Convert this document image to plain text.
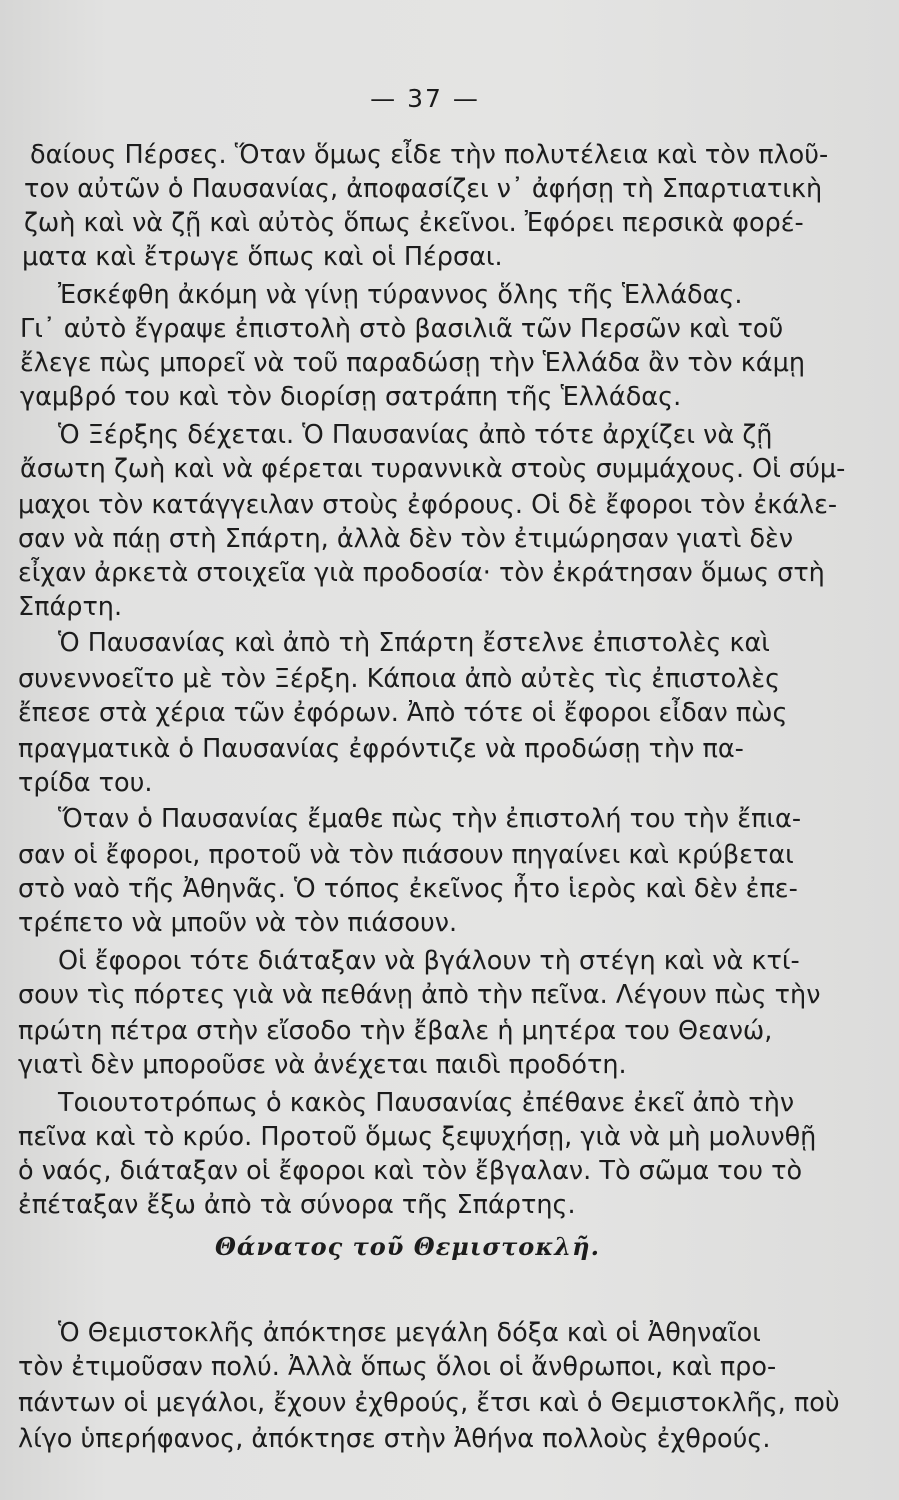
— 37 —
δαίους Πέρσες. Ὅταν ὅμως εἶδε τὴν πολυτέλεια καὶ τὸν πλοῦ-
τον αὐτῶν ὁ Παυσανίας, ἀποφασίζει ν᾿ ἀφήσῃ τὴ Σπαρτιατικὴ
ζωὴ καὶ νὰ ζῇ καὶ αὐτὸς ὅπως ἐκεῖνοι. Ἐφόρει περσικὰ φορέ-
ματα καὶ ἔτρωγε ὅπως καὶ οἱ Πέρσαι.
Ἐσκέφθη ἀκόμη νὰ γίνῃ τύραννος ὅλης τῆς Ἑλλάδας.
Γι᾿ αὐτὸ ἔγραψε ἐπιστολὴ στὸ βασιλιᾶ τῶν Περσῶν καὶ τοῦ
ἔλεγε πὼς μπορεῖ νὰ τοῦ παραδώσῃ τὴν Ἑλλάδα ἂν τὸν κάμῃ
γαμβρό του καὶ τὸν διορίσῃ σατράπη τῆς Ἑλλάδας.
Ὁ Ξέρξης δέχεται. Ὁ Παυσανίας ἀπὸ τότε ἀρχίζει νὰ ζῇ
ἄσωτη ζωὴ καὶ νὰ φέρεται τυραννικὰ στοὺς συμμάχους. Οἱ σύμ-
μαχοι τὸν κατάγγειλαν στοὺς ἐφόρους. Οἱ δὲ ἔφοροι τὸν ἐκάλε-
σαν νὰ πάῃ στὴ Σπάρτη, ἀλλὰ δὲν τὸν ἐτιμώρησαν γιατὶ δὲν
εἶχαν ἀρκετὰ στοιχεῖα γιὰ προδοσία· τὸν ἐκράτησαν ὅμως στὴ
Σπάρτη.
Ὁ Παυσανίας καὶ ἀπὸ τὴ Σπάρτη ἔστελνε ἐπιστολὲς καὶ
συνεννοεῖτο μὲ τὸν Ξέρξη. Κάποια ἀπὸ αὐτὲς τὶς ἐπιστολὲς
ἔπεσε στὰ χέρια τῶν ἐφόρων. Ἀπὸ τότε οἱ ἔφοροι εἶδαν πὼς
πραγματικὰ ὁ Παυσανίας ἐφρόντιζε νὰ προδώσῃ τὴν πα-
τρίδα του.
Ὅταν ὁ Παυσανίας ἔμαθε πὼς τὴν ἐπιστολή του τὴν ἔπια-
σαν οἱ ἔφοροι, προτοῦ νὰ τὸν πιάσουν πηγαίνει καὶ κρύβεται
στὸ ναὸ τῆς Ἀθηνᾶς. Ὁ τόπος ἐκεῖνος ἦτο ἱερὸς καὶ δὲν ἐπε-
τρέπετο νὰ μποῦν νὰ τὸν πιάσουν.
Οἱ ἔφοροι τότε διάταξαν νὰ βγάλουν τὴ στέγη καὶ νὰ κτί-
σουν τὶς πόρτες γιὰ νὰ πεθάνῃ ἀπὸ τὴν πεῖνα. Λέγουν πὼς τὴν
πρώτη πέτρα στὴν εἴσοδο τὴν ἔβαλε ἡ μητέρα του Θεανώ,
γιατὶ δὲν μποροῦσε νὰ ἀνέχεται παιδὶ προδότη.
Τοιουτοτρόπως ὁ κακὸς Παυσανίας ἐπέθανε ἐκεῖ ἀπὸ τὴν
πεῖνα καὶ τὸ κρύο. Προτοῦ ὅμως ξεψυχήσῃ, γιὰ νὰ μὴ μολυνθῇ
ὁ ναός, διάταξαν οἱ ἔφοροι καὶ τὸν ἔβγαλαν. Τὸ σῶμα του τὸ
ἐπέταξαν ἔξω ἀπὸ τὰ σύνορα τῆς Σπάρτης.
Θάνατος τοῦ Θεμιστοκλῆ.
Ὁ Θεμιστοκλῆς ἀπόκτησε μεγάλη δόξα καὶ οἱ Ἀθηναῖοι
τὸν ἐτιμοῦσαν πολύ. Ἀλλὰ ὅπως ὅλοι οἱ ἄνθρωποι, καὶ προ-
πάντων οἱ μεγάλοι, ἔχουν ἐχθρούς, ἔτσι καὶ ὁ Θεμιστοκλῆς, ποὺ
λίγο ὑπερήφανος, ἀπόκτησε στὴν Ἀθήνα πολλοὺς ἐχθρούς.
